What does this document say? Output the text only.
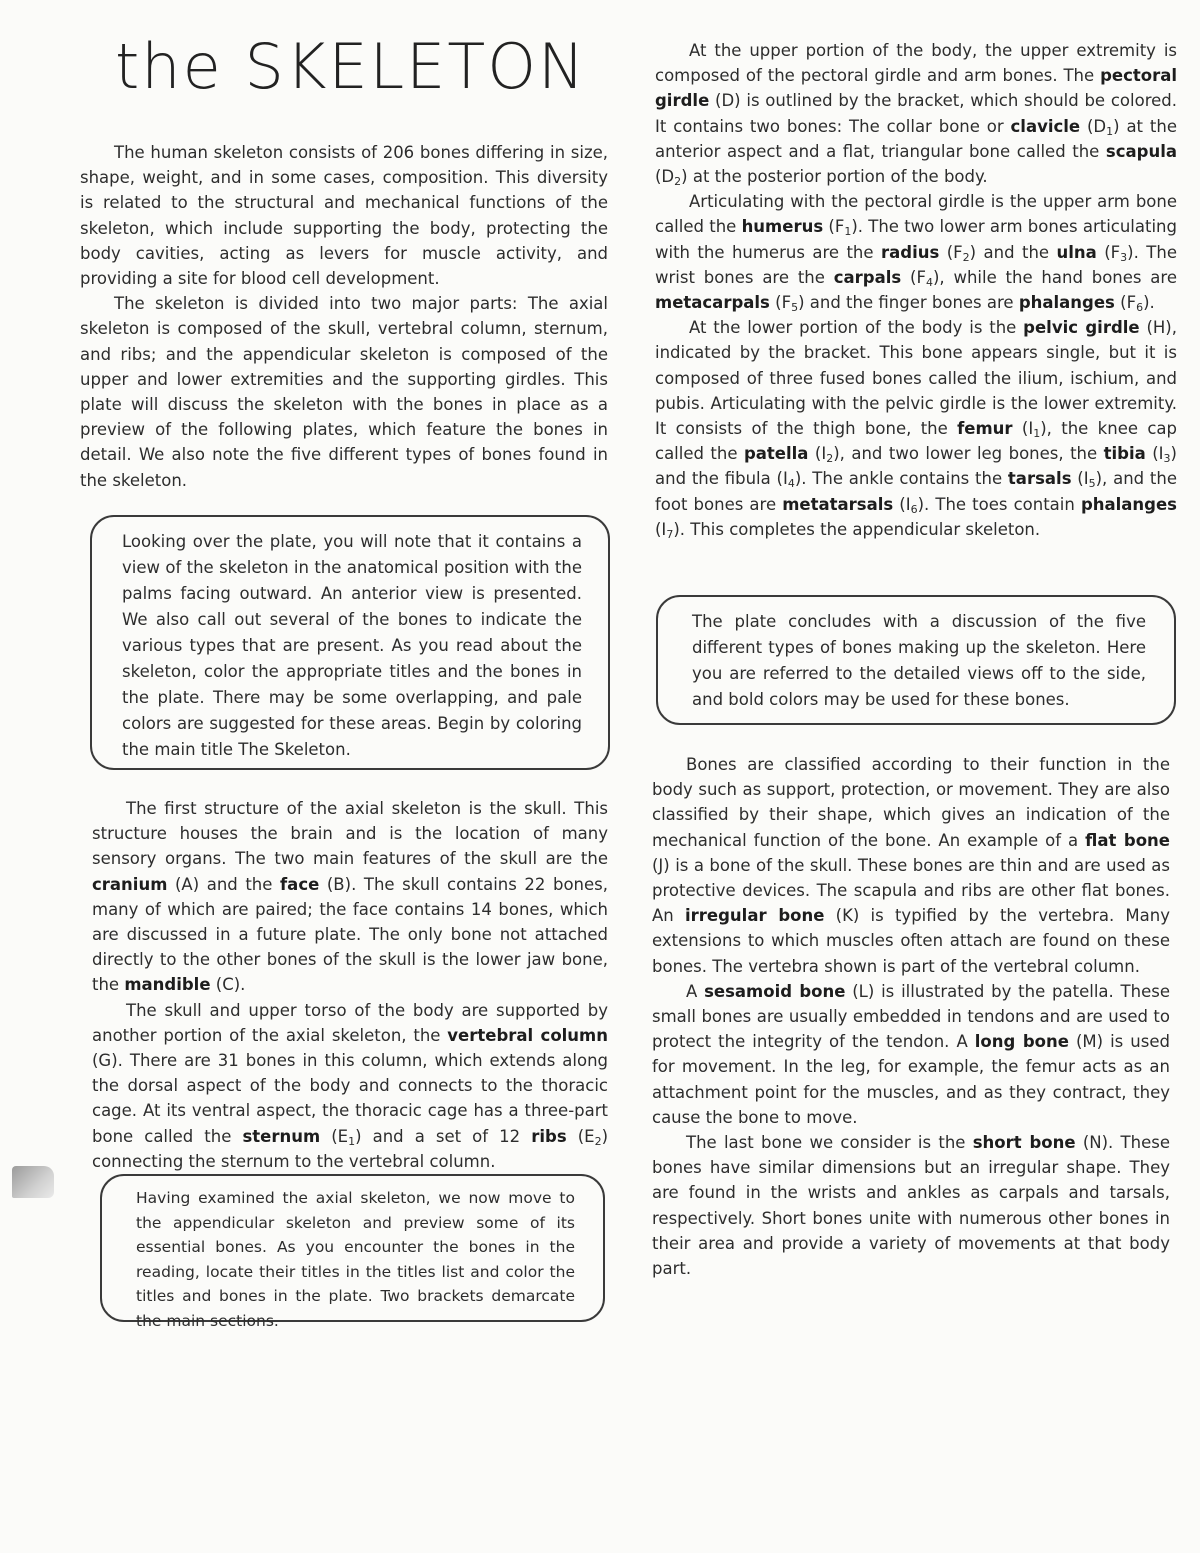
the SKELETON

The human skeleton consists of 206 bones differing in size, shape, weight, and in some cases, composition. This diversity is related to the structural and mechanical functions of the skeleton, which include supporting the body, protecting the body cavities, acting as levers for muscle activity, and providing a site for blood cell development.

The skeleton is divided into two major parts: The axial skeleton is composed of the skull, vertebral column, sternum, and ribs; and the appendicular skeleton is composed of the upper and lower extremities and the supporting girdles. This plate will discuss the skeleton with the bones in place as a preview of the following plates, which feature the bones in detail. We also note the five different types of bones found in the skeleton.

Looking over the plate, you will note that it contains a view of the skeleton in the anatomical position with the palms facing outward. An anterior view is presented. We also call out several of the bones to indicate the various types that are present. As you read about the skeleton, color the appropriate titles and the bones in the plate. There may be some overlapping, and pale colors are suggested for these areas. Begin by coloring the main title The Skeleton.

The first structure of the axial skeleton is the skull. This structure houses the brain and is the location of many sensory organs. The two main features of the skull are the cranium (A) and the face (B). The skull contains 22 bones, many of which are paired; the face contains 14 bones, which are discussed in a future plate. The only bone not attached directly to the other bones of the skull is the lower jaw bone, the mandible (C).

The skull and upper torso of the body are supported by another portion of the axial skeleton, the vertebral column (G). There are 31 bones in this column, which extends along the dorsal aspect of the body and connects to the thoracic cage. At its ventral aspect, the thoracic cage has a three-part bone called the sternum $(E_1)$ and a set of 12 ribs $(E_2)$ connecting the sternum to the vertebral column.

Having examined the axial skeleton, we now move to the appendicular skeleton and preview some of its essential bones. As you encounter the bones in the reading, locate their titles in the titles list and color the titles and bones in the plate. Two brackets demarcate the main sections.

At the upper portion of the body, the upper extremity is composed of the pectoral girdle and arm bones. The pectoral girdle (D) is outlined by the bracket, which should be colored. It contains two bones: The collar bone or clavicle $(D_1)$ at the anterior aspect and a flat, triangular bone called the scapula $(D_2)$ at the posterior portion of the body.

Articulating with the pectoral girdle is the upper arm bone called the humerus $(F_1)$. The two lower arm bones articulating with the humerus are the radius $(F_2)$ and the ulna $(F_3)$. The wrist bones are the carpals $(F_4)$, while the hand bones are metacarpals $(F_5)$ and the finger bones are phalanges $(F_6)$.

At the lower portion of the body is the pelvic girdle (H), indicated by the bracket. This bone appears single, but it is composed of three fused bones called the ilium, ischium, and pubis. Articulating with the pelvic girdle is the lower extremity. It consists of the thigh bone, the femur $(I_1)$, the knee cap called the patella $(I_2)$, and two lower leg bones, the tibia $(I_3)$ and the fibula $(I_4)$. The ankle contains the tarsals $(I_5)$, and the foot bones are metatarsals $(I_6)$. The toes contain phalanges $(I_7)$. This completes the appendicular skeleton.

The plate concludes with a discussion of the five different types of bones making up the skeleton. Here you are referred to the detailed views off to the side, and bold colors may be used for these bones.

Bones are classified according to their function in the body such as support, protection, or movement. They are also classified by their shape, which gives an indication of the mechanical function of the bone. An example of a flat bone (J) is a bone of the skull. These bones are thin and are used as protective devices. The scapula and ribs are other flat bones. An irregular bone (K) is typified by the vertebra. Many extensions to which muscles often attach are found on these bones. The vertebra shown is part of the vertebral column.

A sesamoid bone (L) is illustrated by the patella. These small bones are usually embedded in tendons and are used to protect the integrity of the tendon. A long bone (M) is used for movement. In the leg, for example, the femur acts as an attachment point for the muscles, and as they contract, they cause the bone to move.

The last bone we consider is the short bone (N). These bones have similar dimensions but an irregular shape. They are found in the wrists and ankles as carpals and tarsals, respectively. Short bones unite with numerous other bones in their area and provide a variety of movements at that body part.
